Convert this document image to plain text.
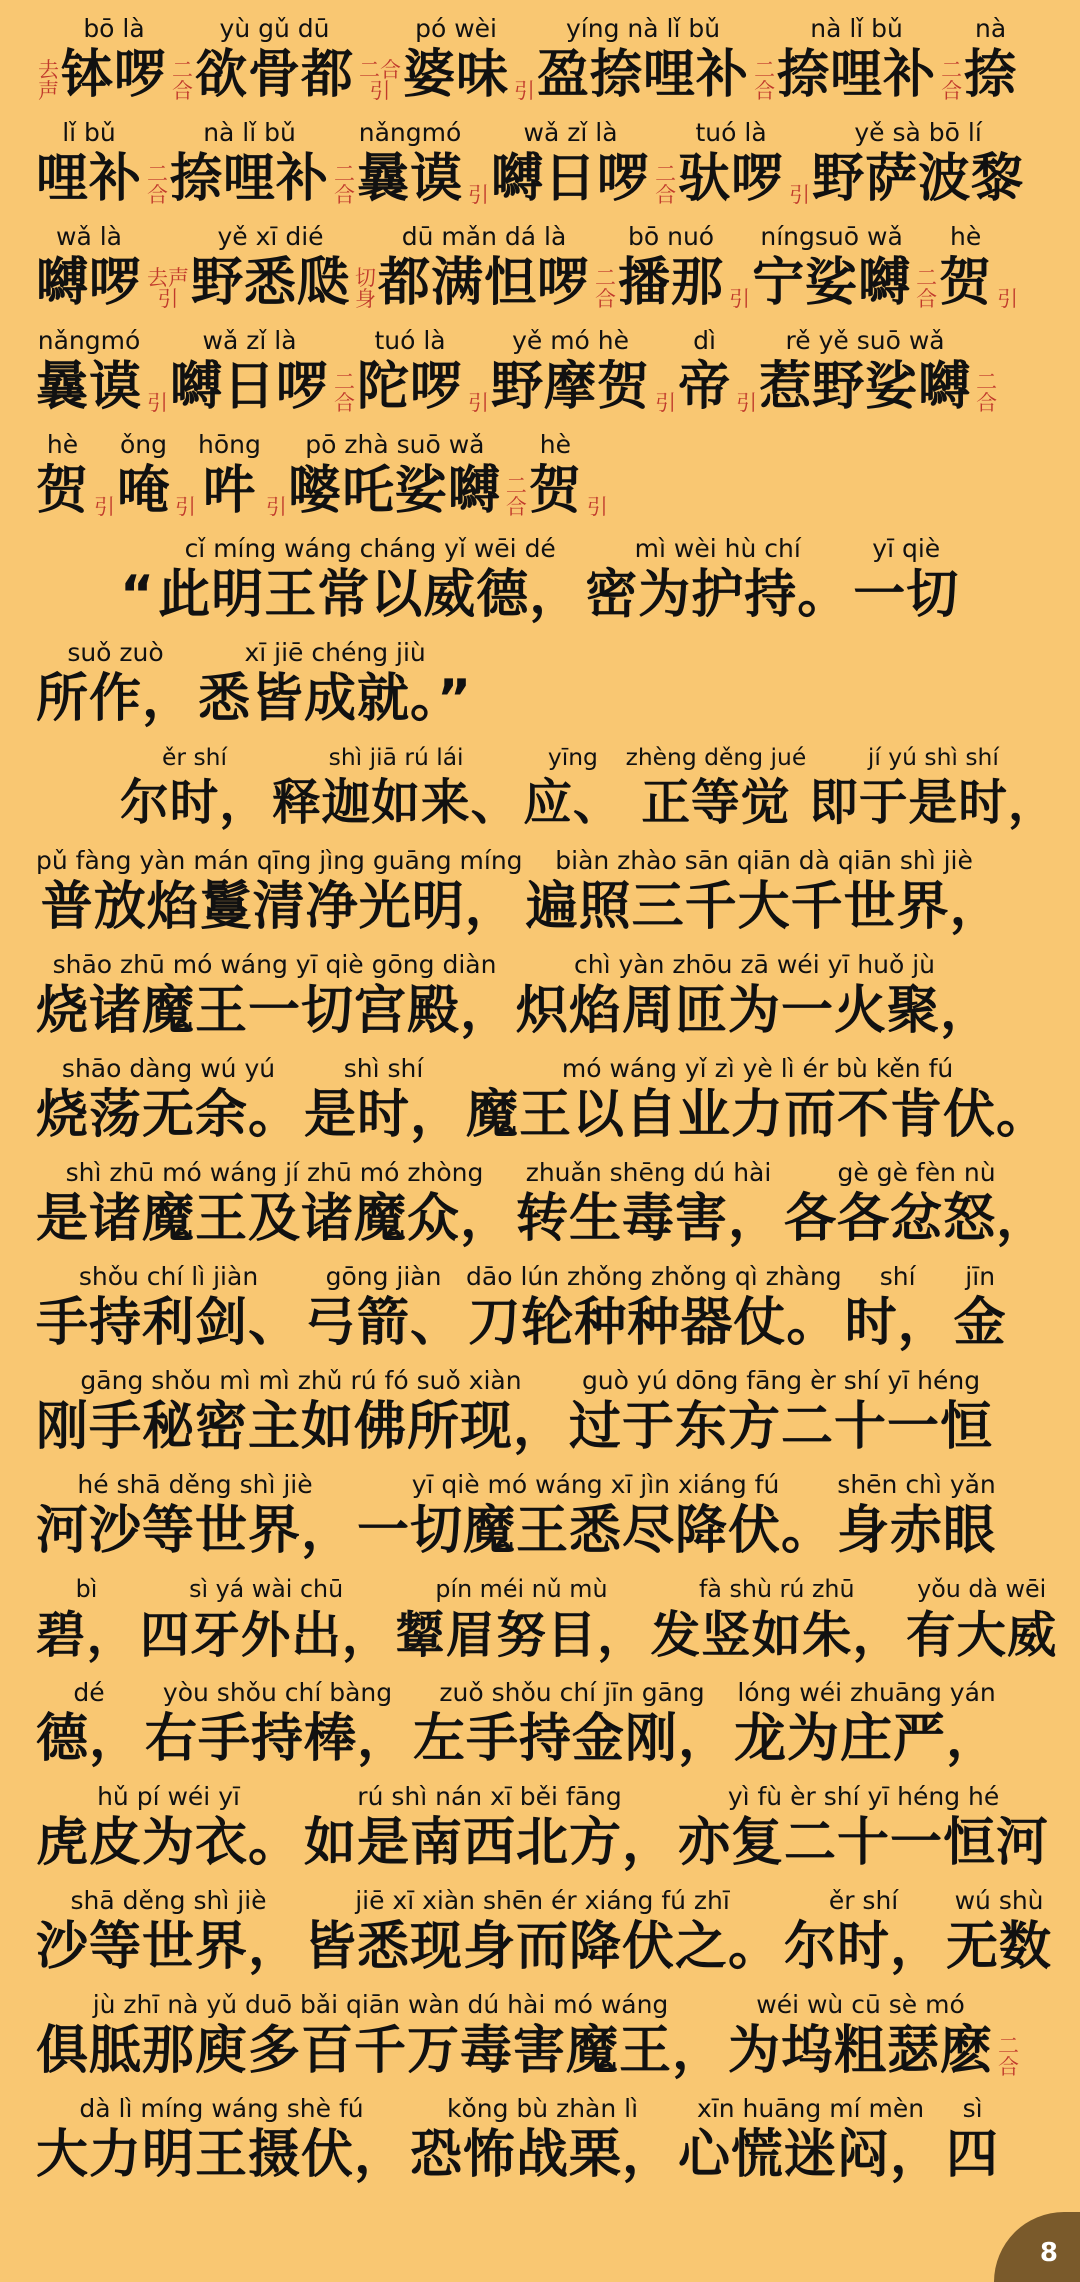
去
声
bō là
钵啰 二
合
yù gǔ dū
欲骨都 二合
引
pó wèi
婆味 引
yíng nà lǐ bǔ
盈捺哩补 二
合
nà lǐ bǔ
捺哩补 二
合
nà
捺
lǐ bǔ
哩补 二
合
nà lǐ bǔ
捺哩补 二
合
nǎngmó
曩谟 引
wǎ zǐ là
嚩日啰 二
合
tuó là
驮啰 引
yě sà bō lí
野萨波黎
wǎ là
嚩啰 去声
引
yě xī dié
野悉瓞 切
身
dū mǎn dá là
都满怛啰 二
合
bō nuó
播那 引
níngsuō wǎ
宁娑嚩 二
合
hè
贺 引
nǎngmó
曩谟 引
wǎ zǐ là
嚩日啰 二
合
tuó là
陀啰 引
yě mó hè
野摩贺 引
dì
帝 引
rě yě suō wǎ
惹野娑嚩 二
合
hè
贺 引
ǒng
唵 引
hōng
吽 引
pō zhà suō wǎ
嘙吒娑嚩 二
合
hè
贺 引
“
cǐ míng wáng cháng yǐ wēi dé
此明王常以威德，
mì wèi hù chí
密为护持。
yī qiè
一切
suǒ zuò
所作，
xī jiē chéng jiù
悉皆成就。”
ěr shí
尔时，
shì jiā rú lái
释迦如来、
yīng
应、
zhèng děng jué
正等觉
jí yú shì shí
即于是时，
pǔ fàng yàn mán qīng jìng guāng míng
普放焰鬘清净光明，
biàn zhào sān qiān dà qiān shì jiè
遍照三千大千世界，
shāo zhū mó wáng yī qiè gōng diàn
烧诸魔王一切宫殿，
chì yàn zhōu zā wéi yī huǒ jù
炽焰周匝为一火聚，
shāo dàng wú yú
烧荡无余。
shì shí
是时，
mó wáng yǐ zì yè lì ér bù kěn fú
魔王以自业力而不肯伏。
shì zhū mó wáng jí zhū mó zhòng
是诸魔王及诸魔众，
zhuǎn shēng dú hài
转生毒害，
gè gè fèn nù
各各忿怒，
shǒu chí lì jiàn
手持利剑、
gōng jiàn
弓箭、
dāo lún zhǒng zhǒng qì zhàng
刀轮种种器仗。
shí
时，
jīn
金
gāng shǒu mì mì zhǔ rú fó suǒ xiàn
刚手秘密主如佛所现，
guò yú dōng fāng èr shí yī héng
过于东方二十一恒
hé shā děng shì jiè
河沙等世界，
yī qiè mó wáng xī jìn xiáng fú
一切魔王悉尽降伏。
shēn chì yǎn
身赤眼
bì
碧，
sì yá wài chū
四牙外出，
pín méi nǔ mù
颦眉努目，
fà shù rú zhū
发竖如朱，
yǒu dà wēi
有大威
dé
德，
yòu shǒu chí bàng
右手持棒，
zuǒ shǒu chí jīn gāng
左手持金刚，
lóng wéi zhuāng yán
龙为庄严，
hǔ pí wéi yī
虎皮为衣。
rú shì nán xī běi fāng
如是南西北方，
yì fù èr shí yī héng hé
亦复二十一恒河
shā děng shì jiè
沙等世界，
jiē xī xiàn shēn ér xiáng fú zhī
皆悉现身而降伏之。
ěr shí
尔时，
wú shù
无数
jù zhī nà yǔ duō bǎi qiān wàn dú hài mó wáng
俱胝那庾多百千万毒害魔王，
wéi wù cū sè mó
为坞粗瑟麽 二
合
dà lì míng wáng shè fú
大力明王摄伏，
kǒng bù zhàn lì
恐怖战栗，
xīn huāng mí mèn
心慌迷闷，
sì
四
8
